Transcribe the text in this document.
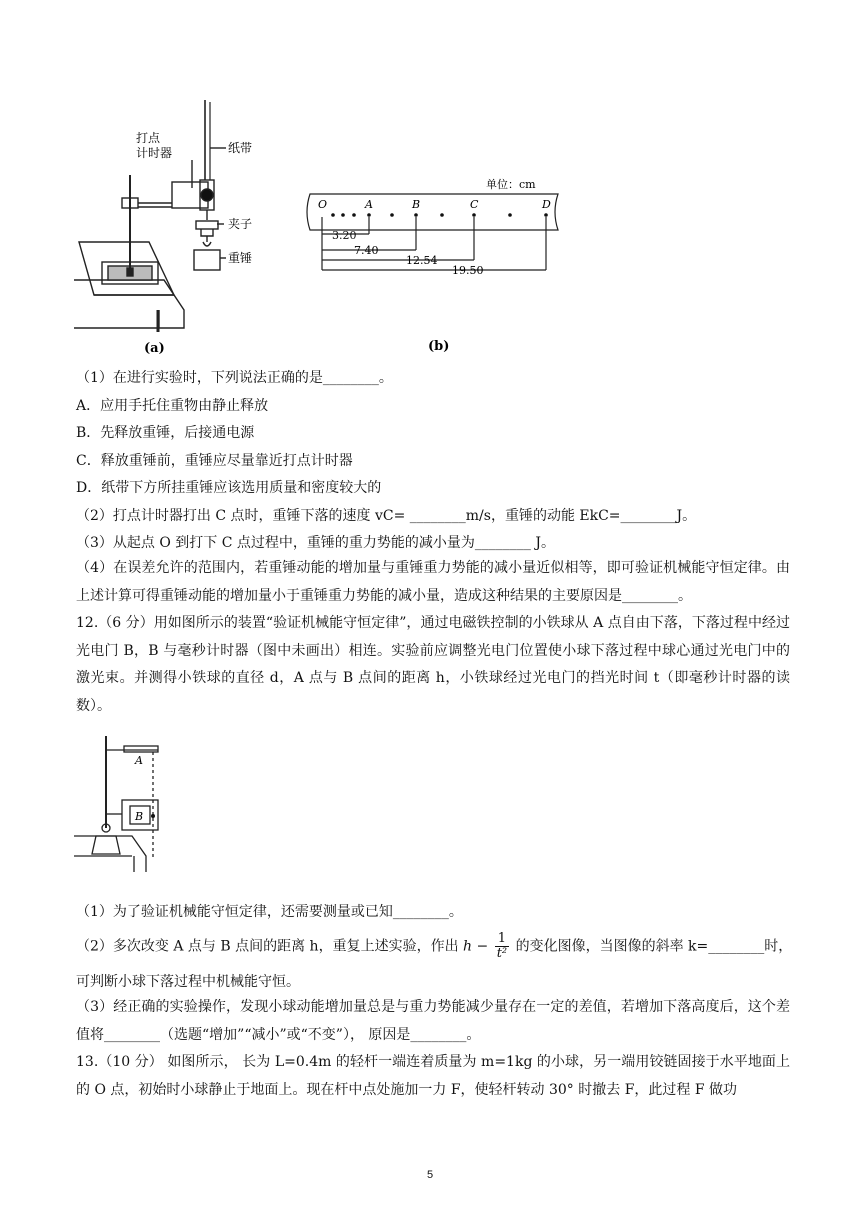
打点
计时器	纸带
夹子
重锤
(a)
单位：cm
O	A	B	C	D
3.20
7.40
12.54
19.50
(b)
（1）在进行实验时，下列说法正确的是________。
A．应用手托住重物由静止释放
B．先释放重锤，后接通电源
C．释放重锤前，重锤应尽量靠近打点计时器
D．纸带下方所挂重锤应该选用质量和密度较大的
（2）打点计时器打出 C 点时，重锤下落的速度 vC= ________m/s，重锤的动能 EkC=________J。
（3）从起点 O 到打下 C 点过程中，重锤的重力势能的减小量为________ J。
（4）在误差允许的范围内，若重锤动能的增加量与重锤重力势能的减小量近似相等，即可验证机械能守恒定律。由上述计算可得重锤动能的增加量小于重锤重力势能的减小量，造成这种结果的主要原因是________。
12.（6 分）用如图所示的装置“验证机械能守恒定律”，通过电磁铁控制的小铁球从 A 点自由下落，下落过程中经过光电门 B，B 与毫秒计时器（图中未画出）相连。实验前应调整光电门位置使小球下落过程中球心通过光电门中的激光束。并测得小铁球的直径 d，A 点与 B 点间的距离 h，小铁球经过光电门的挡光时间 t（即毫秒计时器的读数）。
A
B
（1）为了验证机械能守恒定律，还需要测量或已知________。
（2）多次改变 A 点与 B 点间的距离 h，重复上述实验，作出 $h - \frac{1}{\text{t²}}$ 的变化图像，当图像的斜率 k=________时，
可判断小球下落过程中机械能守恒。
（3）经正确的实验操作，发现小球动能增加量总是与重力势能减少量存在一定的差值，若增加下落高度后，这个差值将________（选题“增加”“减小”或“不变”）， 原因是________。
13.（10 分） 如图所示， 长为 L=0.4m 的轻杆一端连着质量为 m=1kg 的小球，另一端用铰链固接于水平地面上的 O 点，初始时小球静止于地面上。现在杆中点处施加一力 F，使轻杆转动 30° 时撤去 F，此过程 F 做功
5
